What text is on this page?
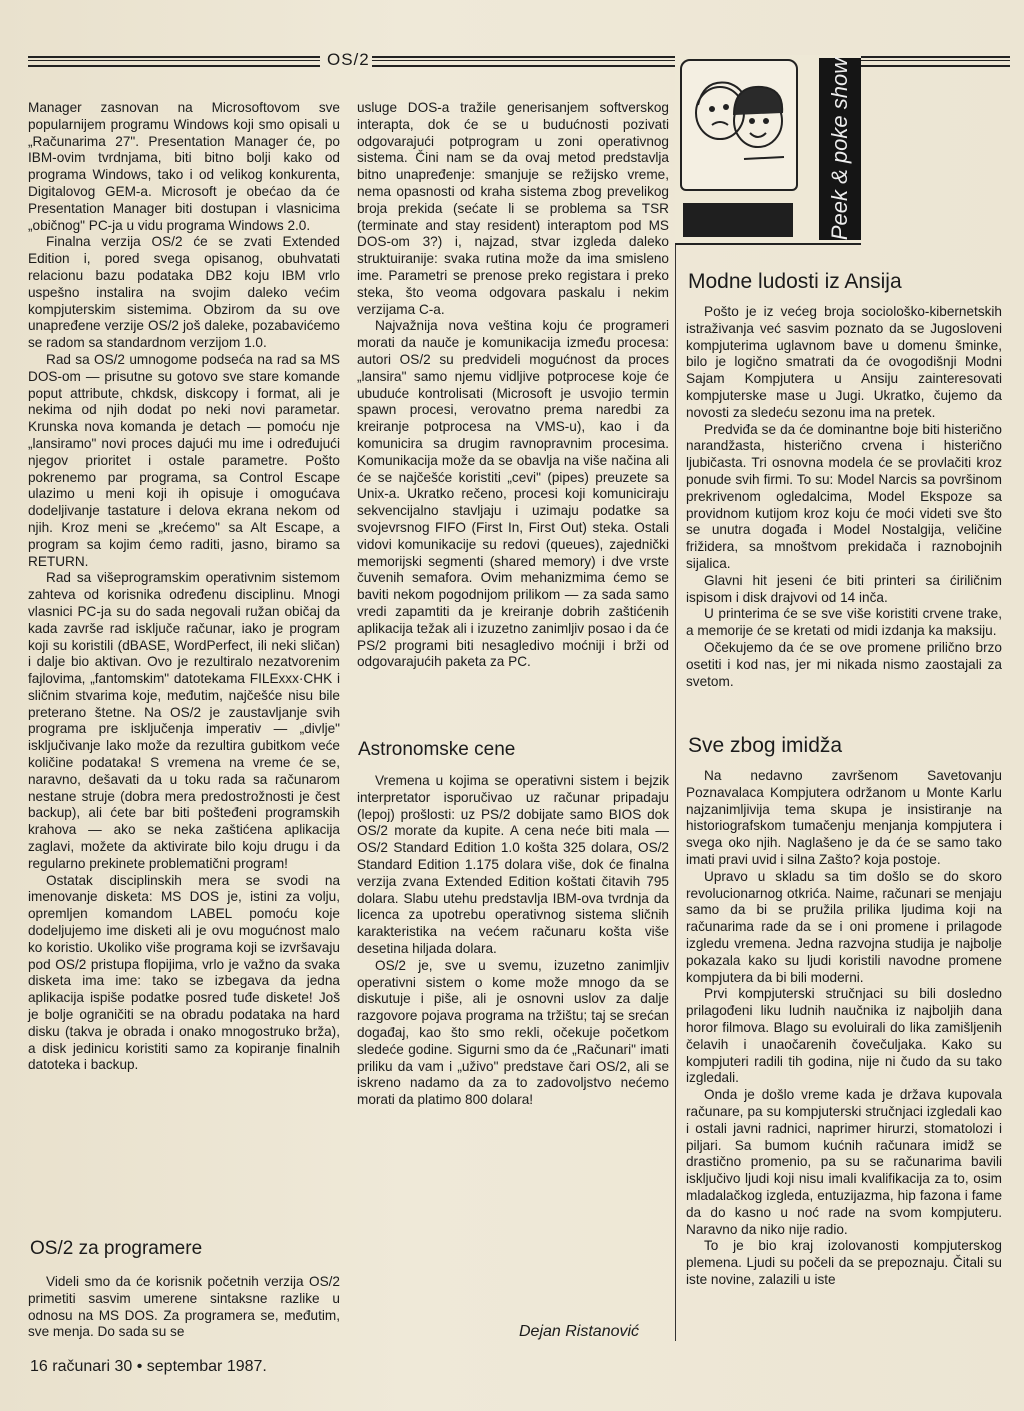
OS/2

Manager zasnovan na Microsoftovom sve popularnijem programu Windows koji smo opisali u „Računarima 27". Presentation Manager će, po IBM-ovim tvrdnjama, biti bitno bolji kako od programa Windows, tako i od velikog konkurenta, Digitalovog GEM-a. Microsoft je obećao da će Presentation Manager biti dostupan i vlasnicima „običnog" PC-ja u vidu programa Windows 2.0.

Finalna verzija OS/2 će se zvati Extended Edition i, pored svega opisanog, obuhvatati relacionu bazu podataka DB2 koju IBM vrlo uspešno instalira na svojim daleko većim kompjuterskim sistemima. Obzirom da su ove unapređene verzije OS/2 još daleke, pozabavićemo se radom sa standardnom verzijom 1.0.

Rad sa OS/2 umnogome podseća na rad sa MS DOS-om — prisutne su gotovo sve stare komande poput attribute, chkdsk, diskcopy i format, ali je nekima od njih dodat po neki novi parametar. Krunska nova komanda je detach — pomoću nje „lansiramo" novi proces dajući mu ime i određujući njegov prioritet i ostale parametre. Pošto pokrenemo par programa, sa Control Escape ulazimo u meni koji ih opisuje i omogućava dodeljivanje tastature i delova ekrana nekom od njih. Kroz meni se „krećemo" sa Alt Escape, a program sa kojim ćemo raditi, jasno, biramo sa RETURN.

Rad sa višeprogramskim operativnim sistemom zahteva od korisnika određenu disciplinu. Mnogi vlasnici PC-ja su do sada negovali ružan običaj da kada završe rad isključe računar, iako je program koji su koristili (dBASE, WordPerfect, ili neki sličan) i dalje bio aktivan. Ovo je rezultiralo nezatvorenim fajlovima, „fantomskim" datotekama FILExxx·CHK i sličnim stvarima koje, međutim, najčešće nisu bile preterano štetne. Na OS/2 je zaustavljanje svih programa pre isključenja imperativ — „divlje" isključivanje lako može da rezultira gubitkom veće količine podataka! S vremena na vreme će se, naravno, dešavati da u toku rada sa računarom nestane struje (dobra mera predostrožnosti je čest backup), ali ćete bar biti pošteđeni programskih krahova — ako se neka zaštićena aplikacija zaglavi, možete da aktivirate bilo koju drugu i da regularno prekinete problematični program!

Ostatak disciplinskih mera se svodi na imenovanje disketa: MS DOS je, istini za volju, opremljen komandom LABEL pomoću koje dodeljujemo ime disketi ali je ovu mogućnost malo ko koristio. Ukoliko više programa koji se izvršavaju pod OS/2 pristupa flopijima, vrlo je važno da svaka disketa ima ime: tako se izbegava da jedna aplikacija ispiše podatke posred tuđe diskete! Još je bolje ograničiti se na obradu podataka na hard disku (takva je obrada i onako mnogostruko brža), a disk jedinicu koristiti samo za kopiranje finalnih datoteka i backup.

OS/2 za programere

Videli smo da će korisnik početnih verzija OS/2 primetiti sasvim umerene sintaksne razlike u odnosu na MS DOS. Za programera se, međutim, sve menja. Do sada su se

usluge DOS-a tražile generisanjem softverskog interapta, dok će se u budućnosti pozivati odgovarajući potprogram u zoni operativnog sistema. Čini nam se da ovaj metod predstavlja bitno unapređenje: smanjuje se režijsko vreme, nema opasnosti od kraha sistema zbog prevelikog broja prekida (sećate li se problema sa TSR (terminate and stay resident) interaptom pod MS DOS-om 3?) i, najzad, stvar izgleda daleko struktuiranije: svaka rutina može da ima smisleno ime. Parametri se prenose preko registara i preko steka, što veoma odgovara paskalu i nekim verzijama C-a.

Najvažnija nova veština koju će programeri morati da nauče je komunikacija između procesa: autori OS/2 su predvideli mogućnost da proces „lansira" samo njemu vidljive potprocese koje će ubuduće kontrolisati (Microsoft je usvojio termin spawn procesi, verovatno prema naredbi za kreiranje potprocesa na VMS-u), kao i da komunicira sa drugim ravnopravnim procesima. Komunikacija može da se obavlja na više načina ali će se najčešće koristiti „cevi" (pipes) preuzete sa Unix-a. Ukratko rečeno, procesi koji komuniciraju sekvencijalno stavljaju i uzimaju podatke sa svojevrsnog FIFO (First In, First Out) steka. Ostali vidovi komunikacije su redovi (queues), zajednički memorijski segmenti (shared memory) i dve vrste čuvenih semafora. Ovim mehanizmima ćemo se baviti nekom pogodnijom prilikom — za sada samo vredi zapamtiti da je kreiranje dobrih zaštićenih aplikacija težak ali i izuzetno zanimljiv posao i da će PS/2 programi biti nesagledivo moćniji i brži od odgovarajućih paketa za PC.

Astronomske cene

Vremena u kojima se operativni sistem i bejzik interpretator isporučivao uz računar pripadaju (lepoj) prošlosti: uz PS/2 dobijate samo BIOS dok OS/2 morate da kupite. A cena neće biti mala — OS/2 Standard Edition 1.0 košta 325 dolara, OS/2 Standard Edition 1.175 dolara više, dok će finalna verzija zvana Extended Edition koštati čitavih 795 dolara. Slabu utehu predstavlja IBM-ova tvrdnja da licenca za upotrebu operativnog sistema sličnih karakteristika na većem računaru košta više desetina hiljada dolara.

OS/2 je, sve u svemu, izuzetno zanimljiv operativni sistem o kome može mnogo da se diskutuje i piše, ali je osnovni uslov za dalje razgovore pojava programa na tržištu; taj se srećan događaj, kao što smo rekli, očekuje početkom sledeće godine. Sigurni smo da će „Računari" imati priliku da vam i „uživo" predstave čari OS/2, ali se iskreno nadamo da za to zadovoljstvo nećemo morati da platimo 800 dolara!

Dejan Ristanović
Peek & poke show
Modne ludosti iz Ansija

Pošto je iz većeg broja sociološko-kibernetskih istraživanja već sasvim poznato da se Jugosloveni kompjuterima uglavnom bave u domenu šminke, bilo je logično smatrati da će ovogodišnji Modni Sajam Kompjutera u Ansiju zainteresovati kompjuterske mase u Jugi. Ukratko, čujemo da novosti za sledeću sezonu ima na pretek.

Predviđa se da će dominantne boje biti histerično narandžasta, histerično crvena i histerično ljubičasta. Tri osnovna modela će se provlačiti kroz ponude svih firmi. To su: Model Narcis sa površinom prekrivenom ogledalcima, Model Ekspoze sa providnom kutijom kroz koju će moći videti sve što se unutra događa i Model Nostalgija, veličine frižidera, sa mnoštvom prekidača i raznobojnih sijalica.

Glavni hit jeseni će biti printeri sa ćiriličnim ispisom i disk drajvovi od 14 inča.

U printerima će se sve više koristiti crvene trake, a memorije će se kretati od midi izdanja ka maksiju.

Očekujemo da će se ove promene prilično brzo osetiti i kod nas, jer mi nikada nismo zaostajali za svetom.

Sve zbog imidža

Na nedavno završenom Savetovanju Poznavalaca Kompjutera održanom u Monte Karlu najzanimljivija tema skupa je insistiranje na historiografskom tumačenju menjanja kompjutera i svega oko njih. Naglašeno je da će se samo tako imati pravi uvid i silna Zašto? koja postoje.

Upravo u skladu sa tim došlo se do skoro revolucionarnog otkrića. Naime, računari se menjaju samo da bi se pružila prilika ljudima koji na računarima rade da se i oni promene i prilagode izgledu vremena. Jedna razvojna studija je najbolje pokazala kako su ljudi koristili navodne promene kompjutera da bi bili moderni.

Prvi kompjuterski stručnjaci su bili dosledno prilagođeni liku ludnih naučnika iz najboljih dana horor filmova. Blago su evoluirali do lika zamišljenih čelavih i unaočarenih čovečuljaka. Kako su kompjuteri radili tih godina, nije ni čudo da su tako izgledali.

Onda je došlo vreme kada je država kupovala računare, pa su kompjuterski stručnjaci izgledali kao i ostali javni radnici, naprimer hirurzi, stomatolozi i piljari. Sa bumom kućnih računara imidž se drastično promenio, pa su se računarima bavili isključivo ljudi koji nisu imali kvalifikacija za to, osim mladalačkog izgleda, entuzijazma, hip fazona i fame da do kasno u noć rade na svom kompjuteru. Naravno da niko nije radio.

To je bio kraj izolovanosti kompjuterskog plemena. Ljudi su počeli da se prepoznaju. Čitali su iste novine, zalazili u iste

16 računari 30 • septembar 1987.
